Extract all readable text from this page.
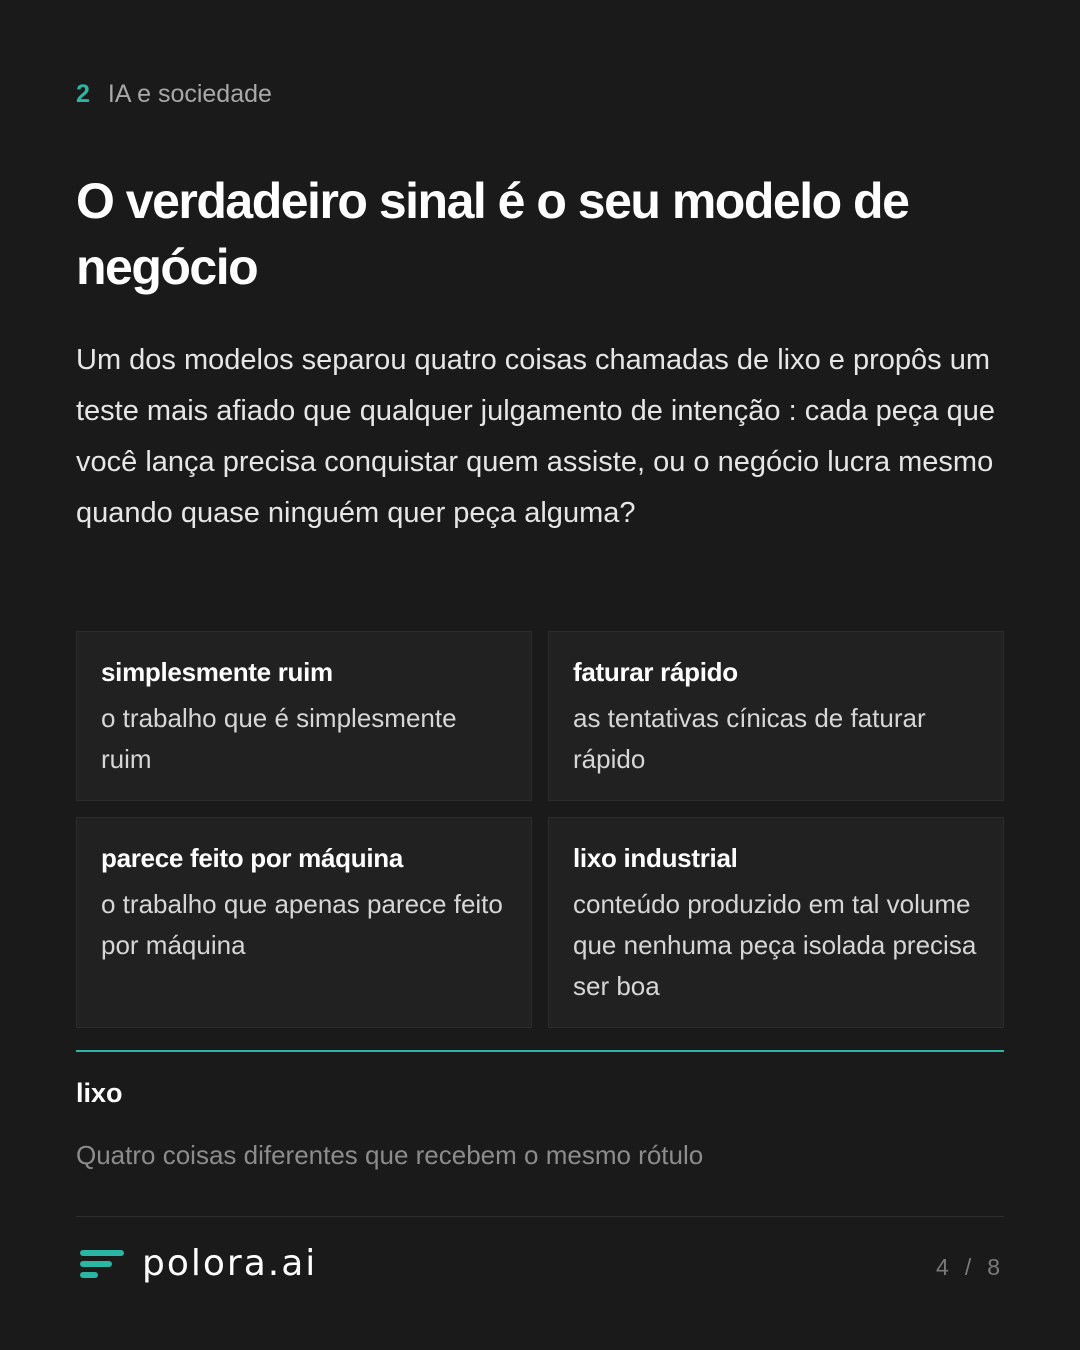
2 IA e sociedade
O verdadeiro sinal é o seu modelo de negócio

Um dos modelos separou quatro coisas chamadas de lixo e propôs um teste mais afiado que qualquer julgamento de intenção : cada peça que você lança precisa conquistar quem assiste, ou o negócio lucra mesmo quando quase ninguém quer peça alguma?

simplesmente ruim
o trabalho que é simplesmente ruim
faturar rápido
as tentativas cínicas de faturar rápido
parece feito por máquina
o trabalho que apenas parece feito por máquina
lixo industrial
conteúdo produzido em tal volume que nenhuma peça isolada precisa ser boa
lixo
Quatro coisas diferentes que recebem o mesmo rótulo
polora.ai	4 / 8
